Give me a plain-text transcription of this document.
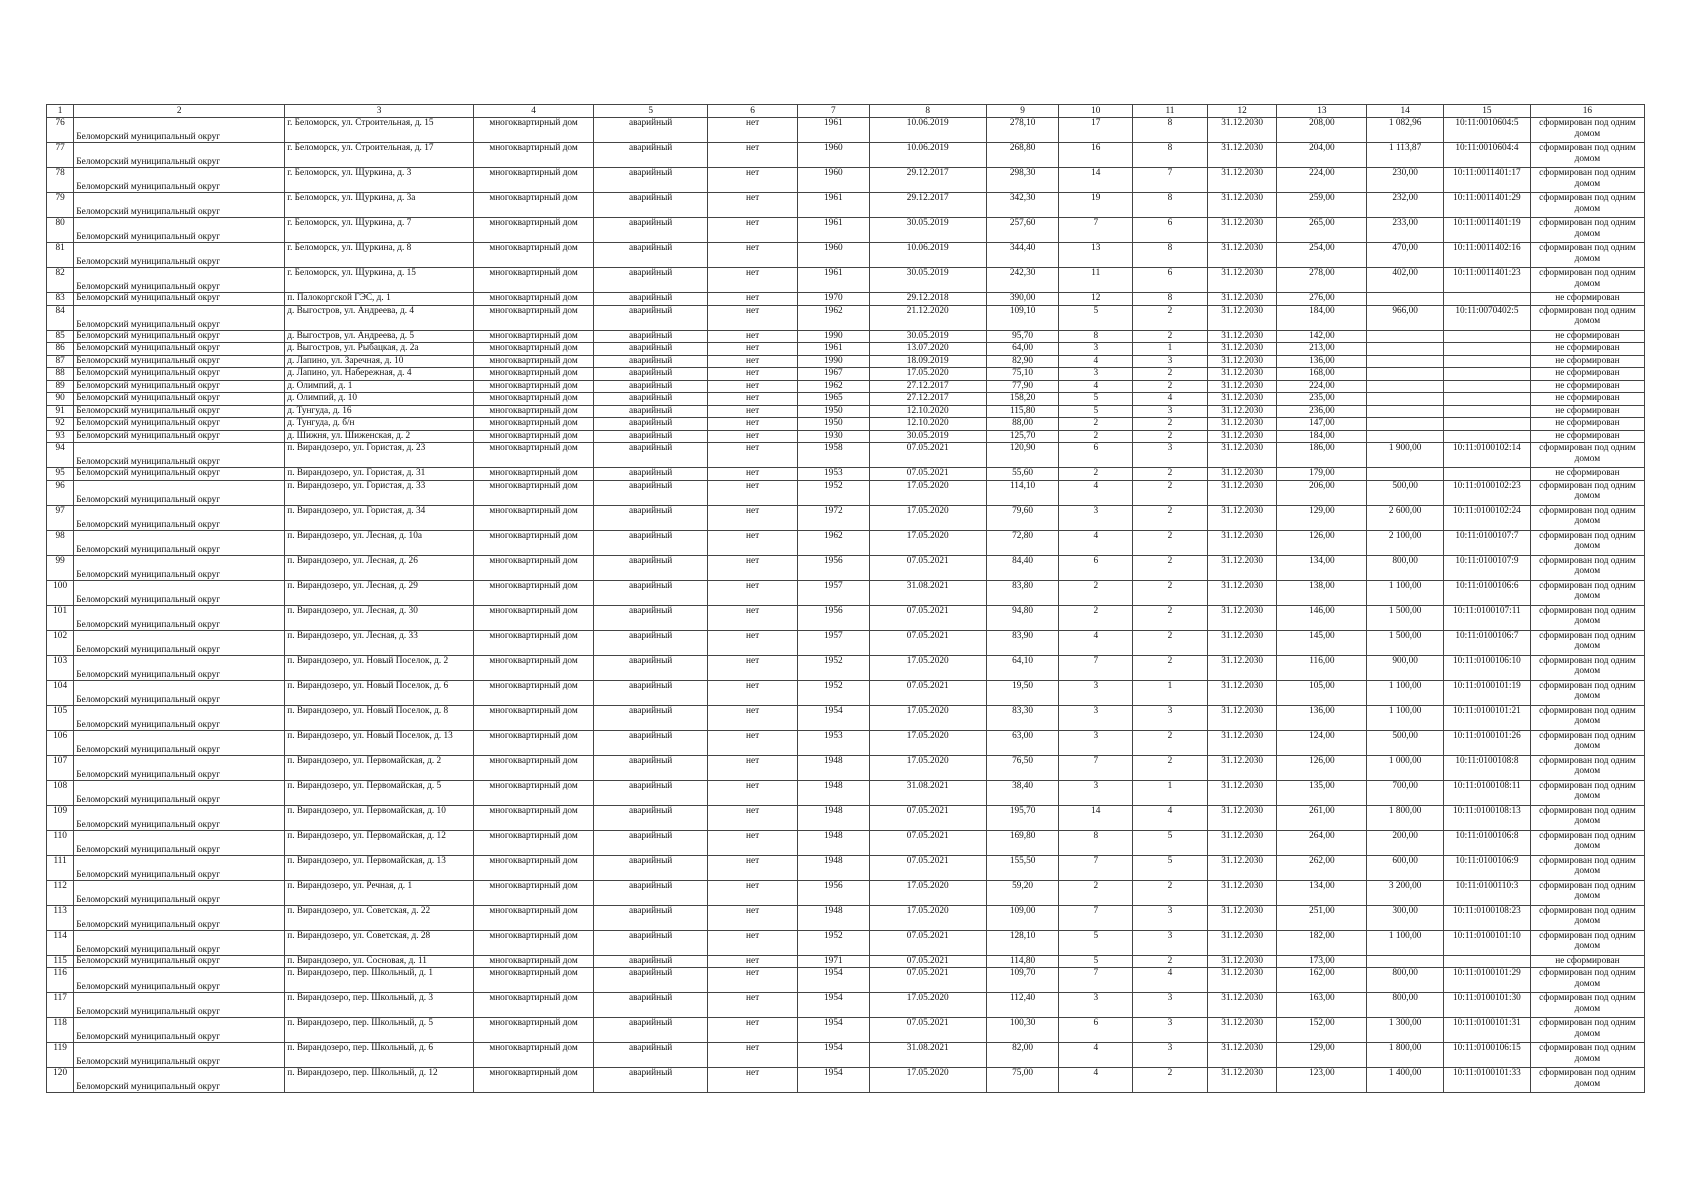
1	2	3	4	5	6	7	8	9	10	11	12	13	14	15	16
76	Беломорский муниципальный округ	г. Беломорск, ул. Строительная, д. 15	многоквартирный дом	аварийный	нет	1961	10.06.2019	278,10	17	8	31.12.2030	208,00	1 082,96	10:11:0010604:5	сформирован под одним домом
77	Беломорский муниципальный округ	г. Беломорск, ул. Строительная, д. 17	многоквартирный дом	аварийный	нет	1960	10.06.2019	268,80	16	8	31.12.2030	204,00	1 113,87	10:11:0010604:4	сформирован под одним домом
78	Беломорский муниципальный округ	г. Беломорск, ул. Щуркина, д. 3	многоквартирный дом	аварийный	нет	1960	29.12.2017	298,30	14	7	31.12.2030	224,00	230,00	10:11:0011401:17	сформирован под одним домом
79	Беломорский муниципальный округ	г. Беломорск, ул. Щуркина, д. 3а	многоквартирный дом	аварийный	нет	1961	29.12.2017	342,30	19	8	31.12.2030	259,00	232,00	10:11:0011401:29	сформирован под одним домом
80	Беломорский муниципальный округ	г. Беломорск, ул. Щуркина, д. 7	многоквартирный дом	аварийный	нет	1961	30.05.2019	257,60	7	6	31.12.2030	265,00	233,00	10:11:0011401:19	сформирован под одним домом
81	Беломорский муниципальный округ	г. Беломорск, ул. Щуркина, д. 8	многоквартирный дом	аварийный	нет	1960	10.06.2019	344,40	13	8	31.12.2030	254,00	470,00	10:11:0011402:16	сформирован под одним домом
82	Беломорский муниципальный округ	г. Беломорск, ул. Щуркина, д. 15	многоквартирный дом	аварийный	нет	1961	30.05.2019	242,30	11	6	31.12.2030	278,00	402,00	10:11:0011401:23	сформирован под одним домом
83	Беломорский муниципальный округ	п. Палокоргской ГЭС, д. 1	многоквартирный дом	аварийный	нет	1970	29.12.2018	390,00	12	8	31.12.2030	276,00			не сформирован
84	Беломорский муниципальный округ	д. Выгостров, ул. Андреева, д. 4	многоквартирный дом	аварийный	нет	1962	21.12.2020	109,10	5	2	31.12.2030	184,00	966,00	10:11:0070402:5	сформирован под одним домом
85	Беломорский муниципальный округ	д. Выгостров, ул. Андреева, д. 5	многоквартирный дом	аварийный	нет	1990	30.05.2019	95,70	8	2	31.12.2030	142,00			не сформирован
86	Беломорский муниципальный округ	д. Выгостров, ул. Рыбацкая, д. 2а	многоквартирный дом	аварийный	нет	1961	13.07.2020	64,00	3	1	31.12.2030	213,00			не сформирован
87	Беломорский муниципальный округ	д. Лапино, ул. Заречная, д. 10	многоквартирный дом	аварийный	нет	1990	18.09.2019	82,90	4	3	31.12.2030	136,00			не сформирован
88	Беломорский муниципальный округ	д. Лапино, ул. Набережная, д. 4	многоквартирный дом	аварийный	нет	1967	17.05.2020	75,10	3	2	31.12.2030	168,00			не сформирован
89	Беломорский муниципальный округ	д. Олимпий, д. 1	многоквартирный дом	аварийный	нет	1962	27.12.2017	77,90	4	2	31.12.2030	224,00			не сформирован
90	Беломорский муниципальный округ	д. Олимпий, д. 10	многоквартирный дом	аварийный	нет	1965	27.12.2017	158,20	5	4	31.12.2030	235,00			не сформирован
91	Беломорский муниципальный округ	д. Тунгуда, д. 16	многоквартирный дом	аварийный	нет	1950	12.10.2020	115,80	5	3	31.12.2030	236,00			не сформирован
92	Беломорский муниципальный округ	д. Тунгуда, д. б/н	многоквартирный дом	аварийный	нет	1950	12.10.2020	88,00	2	2	31.12.2030	147,00			не сформирован
93	Беломорский муниципальный округ	д. Шижня, ул. Шиженская, д. 2	многоквартирный дом	аварийный	нет	1930	30.05.2019	125,70	2	2	31.12.2030	184,00			не сформирован
94	Беломорский муниципальный округ	п. Вирандозеро, ул. Гористая, д. 23	многоквартирный дом	аварийный	нет	1958	07.05.2021	120,90	6	3	31.12.2030	186,00	1 900,00	10:11:0100102:14	сформирован под одним домом
95	Беломорский муниципальный округ	п. Вирандозеро, ул. Гористая, д. 31	многоквартирный дом	аварийный	нет	1953	07.05.2021	55,60	2	2	31.12.2030	179,00			не сформирован
96	Беломорский муниципальный округ	п. Вирандозеро, ул. Гористая, д. 33	многоквартирный дом	аварийный	нет	1952	17.05.2020	114,10	4	2	31.12.2030	206,00	500,00	10:11:0100102:23	сформирован под одним домом
97	Беломорский муниципальный округ	п. Вирандозеро, ул. Гористая, д. 34	многоквартирный дом	аварийный	нет	1972	17.05.2020	79,60	3	2	31.12.2030	129,00	2 600,00	10:11:0100102:24	сформирован под одним домом
98	Беломорский муниципальный округ	п. Вирандозеро, ул. Лесная, д. 10а	многоквартирный дом	аварийный	нет	1962	17.05.2020	72,80	4	2	31.12.2030	126,00	2 100,00	10:11:0100107:7	сформирован под одним домом
99	Беломорский муниципальный округ	п. Вирандозеро, ул. Лесная, д. 26	многоквартирный дом	аварийный	нет	1956	07.05.2021	84,40	6	2	31.12.2030	134,00	800,00	10:11:0100107:9	сформирован под одним домом
100	Беломорский муниципальный округ	п. Вирандозеро, ул. Лесная, д. 29	многоквартирный дом	аварийный	нет	1957	31.08.2021	83,80	2	2	31.12.2030	138,00	1 100,00	10:11:0100106:6	сформирован под одним домом
101	Беломорский муниципальный округ	п. Вирандозеро, ул. Лесная, д. 30	многоквартирный дом	аварийный	нет	1956	07.05.2021	94,80	2	2	31.12.2030	146,00	1 500,00	10:11:0100107:11	сформирован под одним домом
102	Беломорский муниципальный округ	п. Вирандозеро, ул. Лесная, д. 33	многоквартирный дом	аварийный	нет	1957	07.05.2021	83,90	4	2	31.12.2030	145,00	1 500,00	10:11:0100106:7	сформирован под одним домом
103	Беломорский муниципальный округ	п. Вирандозеро, ул. Новый Поселок, д. 2	многоквартирный дом	аварийный	нет	1952	17.05.2020	64,10	7	2	31.12.2030	116,00	900,00	10:11:0100106:10	сформирован под одним домом
104	Беломорский муниципальный округ	п. Вирандозеро, ул. Новый Поселок, д. 6	многоквартирный дом	аварийный	нет	1952	07.05.2021	19,50	3	1	31.12.2030	105,00	1 100,00	10:11:0100101:19	сформирован под одним домом
105	Беломорский муниципальный округ	п. Вирандозеро, ул. Новый Поселок, д. 8	многоквартирный дом	аварийный	нет	1954	17.05.2020	83,30	3	3	31.12.2030	136,00	1 100,00	10:11:0100101:21	сформирован под одним домом
106	Беломорский муниципальный округ	п. Вирандозеро, ул. Новый Поселок, д. 13	многоквартирный дом	аварийный	нет	1953	17.05.2020	63,00	3	2	31.12.2030	124,00	500,00	10:11:0100101:26	сформирован под одним домом
107	Беломорский муниципальный округ	п. Вирандозеро, ул. Первомайская, д. 2	многоквартирный дом	аварийный	нет	1948	17.05.2020	76,50	7	2	31.12.2030	126,00	1 000,00	10:11:0100108:8	сформирован под одним домом
108	Беломорский муниципальный округ	п. Вирандозеро, ул. Первомайская, д. 5	многоквартирный дом	аварийный	нет	1948	31.08.2021	38,40	3	1	31.12.2030	135,00	700,00	10:11:0100108:11	сформирован под одним домом
109	Беломорский муниципальный округ	п. Вирандозеро, ул. Первомайская, д. 10	многоквартирный дом	аварийный	нет	1948	07.05.2021	195,70	14	4	31.12.2030	261,00	1 800,00	10:11:0100108:13	сформирован под одним домом
110	Беломорский муниципальный округ	п. Вирандозеро, ул. Первомайская, д. 12	многоквартирный дом	аварийный	нет	1948	07.05.2021	169,80	8	5	31.12.2030	264,00	200,00	10:11:0100106:8	сформирован под одним домом
111	Беломорский муниципальный округ	п. Вирандозеро, ул. Первомайская, д. 13	многоквартирный дом	аварийный	нет	1948	07.05.2021	155,50	7	5	31.12.2030	262,00	600,00	10:11:0100106:9	сформирован под одним домом
112	Беломорский муниципальный округ	п. Вирандозеро, ул. Речная, д. 1	многоквартирный дом	аварийный	нет	1956	17.05.2020	59,20	2	2	31.12.2030	134,00	3 200,00	10:11:0100110:3	сформирован под одним домом
113	Беломорский муниципальный округ	п. Вирандозеро, ул. Советская, д. 22	многоквартирный дом	аварийный	нет	1948	17.05.2020	109,00	7	3	31.12.2030	251,00	300,00	10:11:0100108:23	сформирован под одним домом
114	Беломорский муниципальный округ	п. Вирандозеро, ул. Советская, д. 28	многоквартирный дом	аварийный	нет	1952	07.05.2021	128,10	5	3	31.12.2030	182,00	1 100,00	10:11:0100101:10	сформирован под одним домом
115	Беломорский муниципальный округ	п. Вирандозеро, ул. Сосновая, д. 11	многоквартирный дом	аварийный	нет	1971	07.05.2021	114,80	5	2	31.12.2030	173,00			не сформирован
116	Беломорский муниципальный округ	п. Вирандозеро, пер. Школьный, д. 1	многоквартирный дом	аварийный	нет	1954	07.05.2021	109,70	7	4	31.12.2030	162,00	800,00	10:11:0100101:29	сформирован под одним домом
117	Беломорский муниципальный округ	п. Вирандозеро, пер. Школьный, д. 3	многоквартирный дом	аварийный	нет	1954	17.05.2020	112,40	3	3	31.12.2030	163,00	800,00	10:11:0100101:30	сформирован под одним домом
118	Беломорский муниципальный округ	п. Вирандозеро, пер. Школьный, д. 5	многоквартирный дом	аварийный	нет	1954	07.05.2021	100,30	6	3	31.12.2030	152,00	1 300,00	10:11:0100101:31	сформирован под одним домом
119	Беломорский муниципальный округ	п. Вирандозеро, пер. Школьный, д. 6	многоквартирный дом	аварийный	нет	1954	31.08.2021	82,00	4	3	31.12.2030	129,00	1 800,00	10:11:0100106:15	сформирован под одним домом
120	Беломорский муниципальный округ	п. Вирандозеро, пер. Школьный, д. 12	многоквартирный дом	аварийный	нет	1954	17.05.2020	75,00	4	2	31.12.2030	123,00	1 400,00	10:11:0100101:33	сформирован под одним домом
